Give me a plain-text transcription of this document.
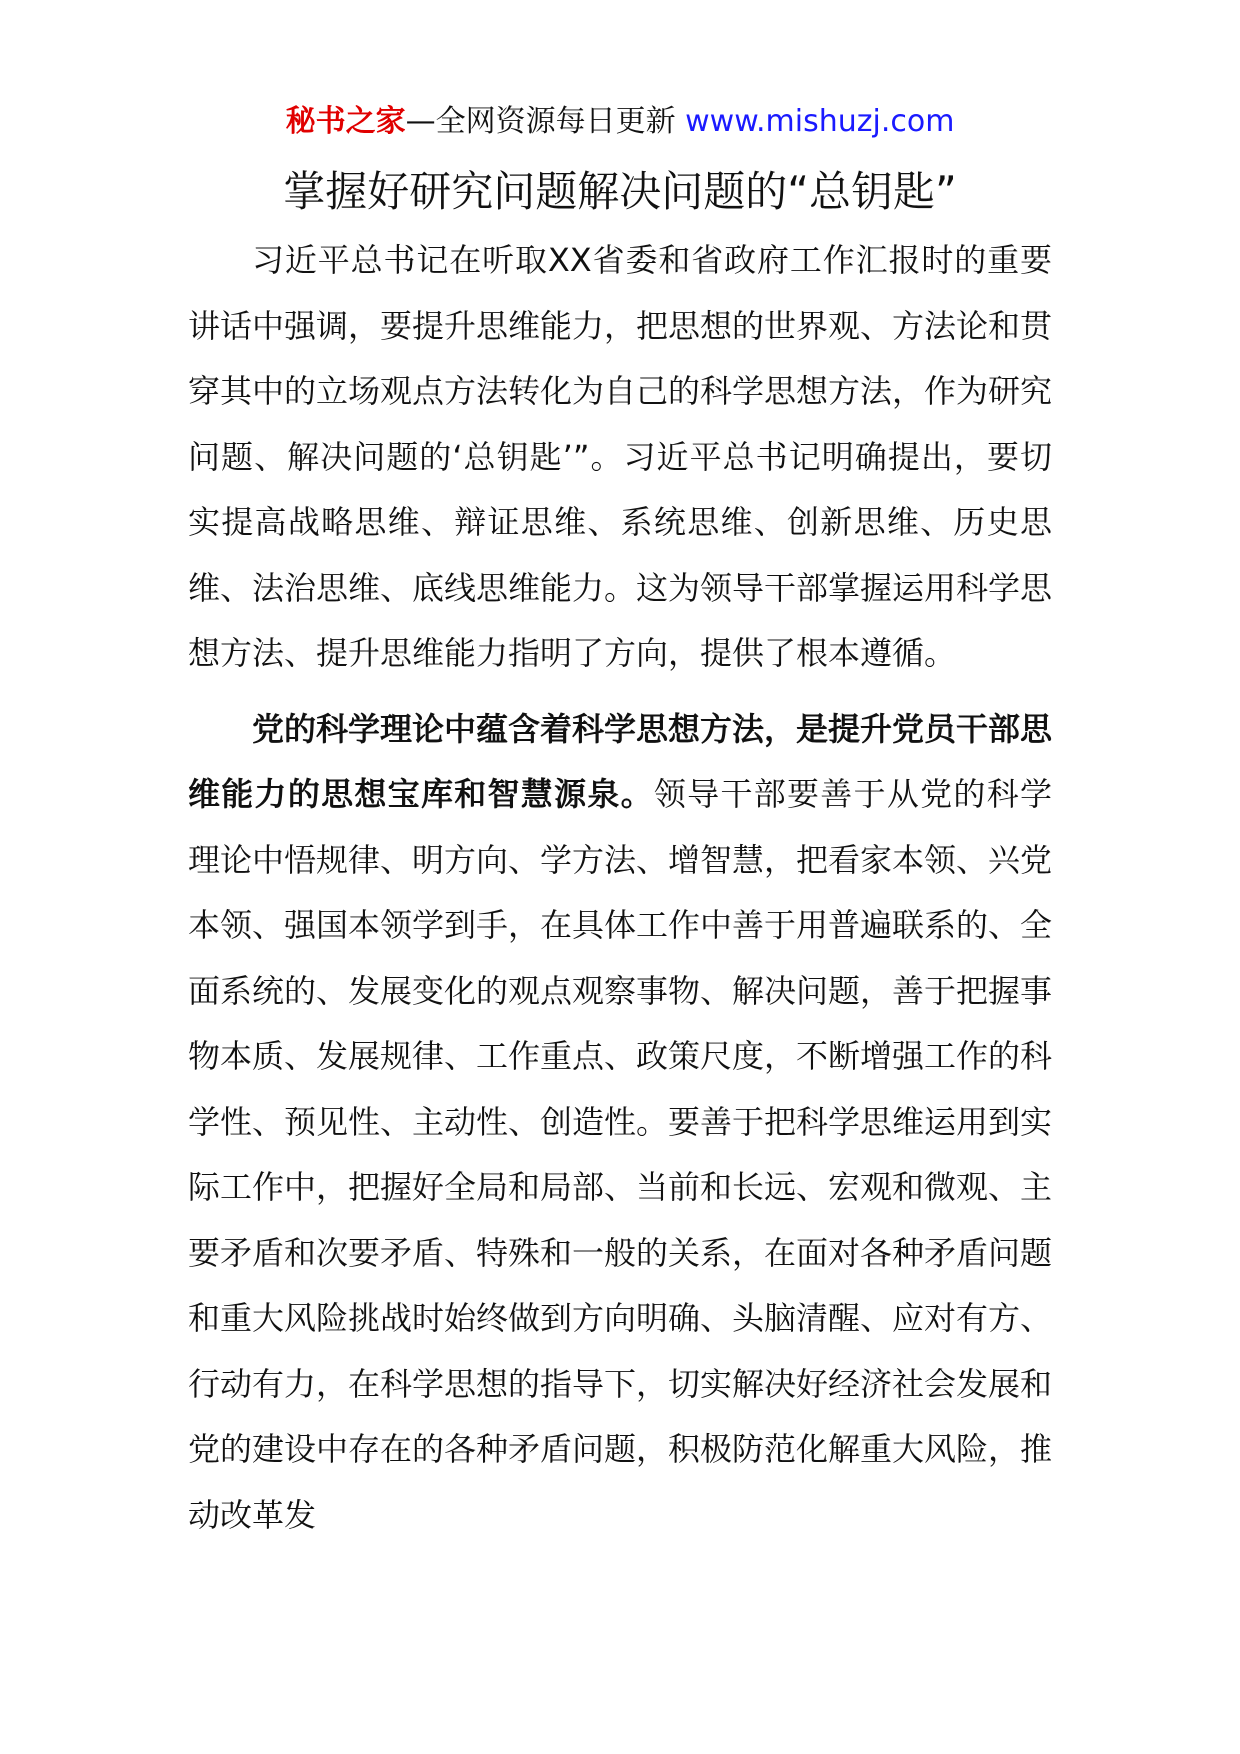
秘书之家—全网资源每日更新 www.mishuzj.com
掌握好研究问题解决问题的“总钥匙”

习近平总书记在听取XX省委和省政府工作汇报时的重要讲话中强调，要提升思维能力，把思想的世界观、方法论和贯穿其中的立场观点方法转化为自己的科学思想方法，作为研究问题、解决问题的‘总钥匙’”。习近平总书记明确提出，要切实提高战略思维、辩证思维、系统思维、创新思维、历史思维、法治思维、底线思维能力。这为领导干部掌握运用科学思想方法、提升思维能力指明了方向，提供了根本遵循。

党的科学理论中蕴含着科学思想方法，是提升党员干部思维能力的思想宝库和智慧源泉。领导干部要善于从党的科学理论中悟规律、明方向、学方法、增智慧，把看家本领、兴党本领、强国本领学到手，在具体工作中善于用普遍联系的、全面系统的、发展变化的观点观察事物、解决问题，善于把握事物本质、发展规律、工作重点、政策尺度，不断增强工作的科学性、预见性、主动性、创造性。要善于把科学思维运用到实际工作中，把握好全局和局部、当前和长远、宏观和微观、主要矛盾和次要矛盾、特殊和一般的关系，在面对各种矛盾问题和重大风险挑战时始终做到方向明确、头脑清醒、应对有方、行动有力，在科学思想的指导下，切实解决好经济社会发展和党的建设中存在的各种矛盾问题，积极防范化解重大风险，推动改革发
